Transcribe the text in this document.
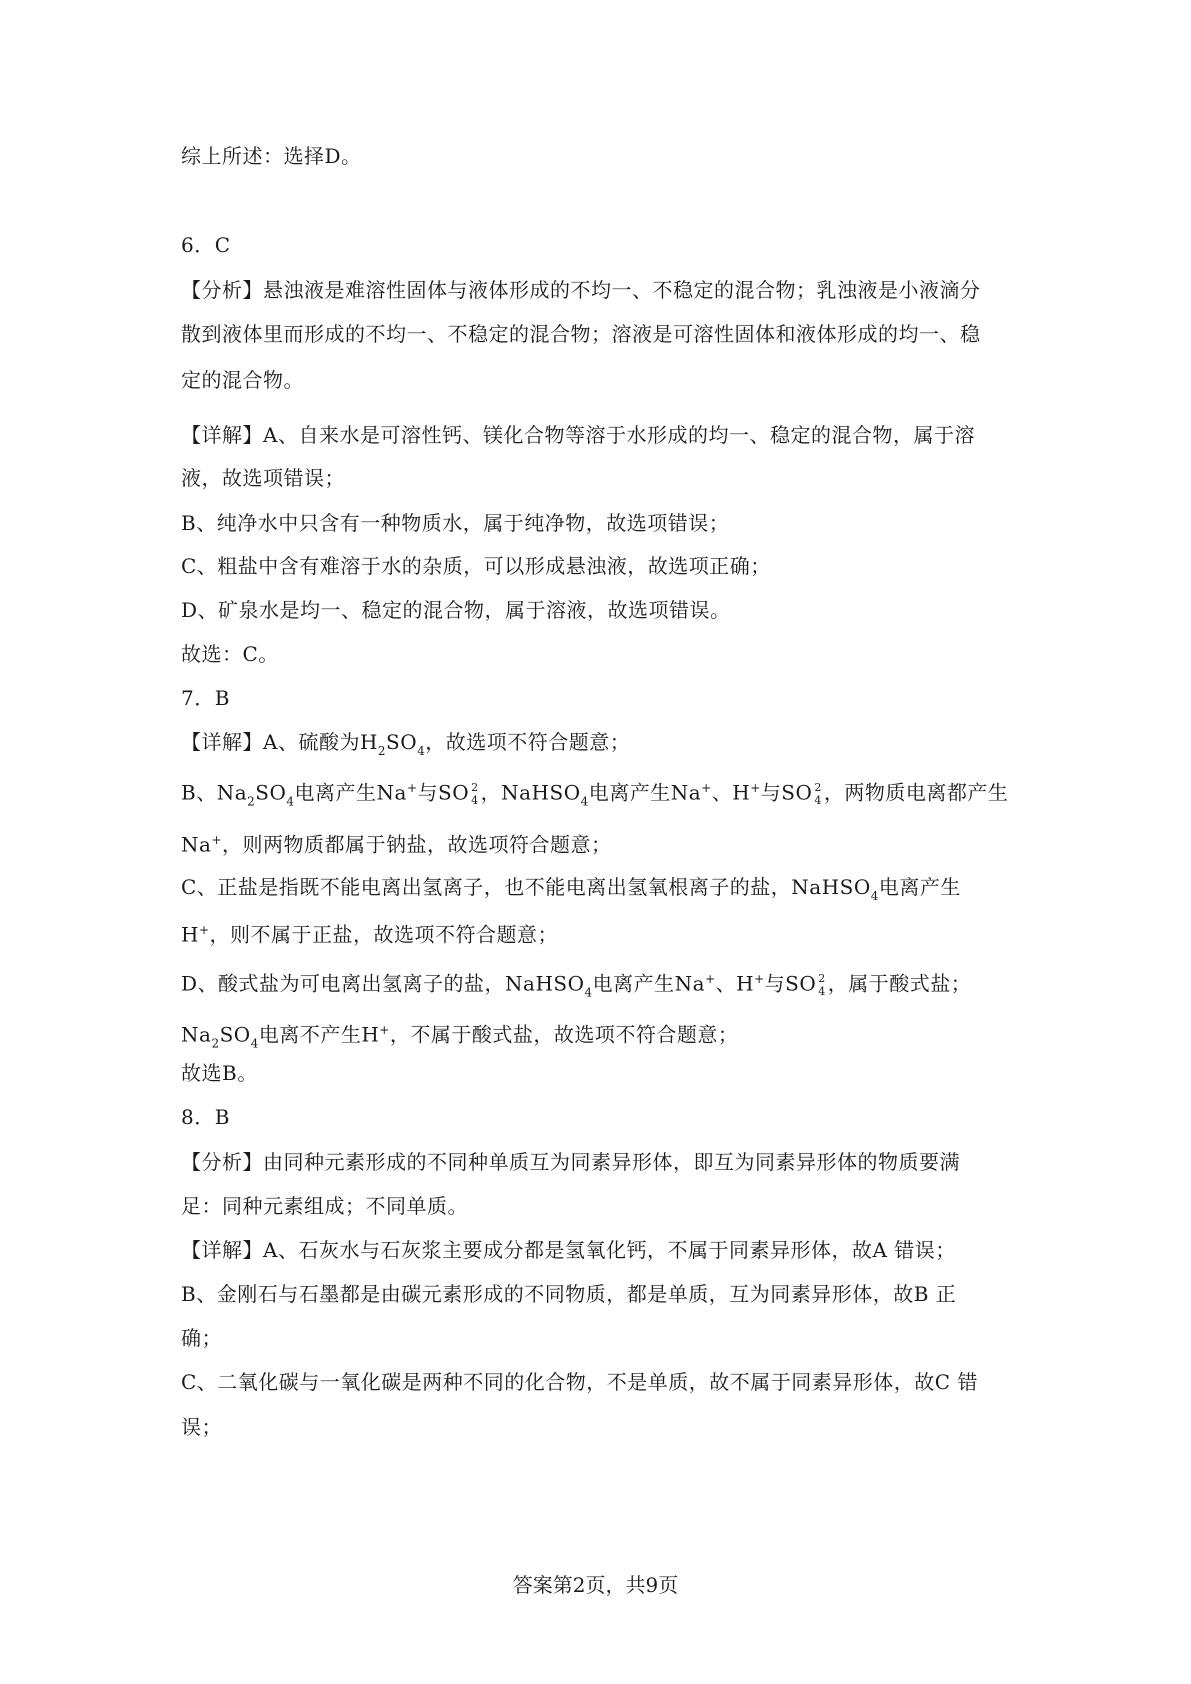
综上所述：选择D。
6．C
【分析】悬浊液是难溶性固体与液体形成的不均一、不稳定的混合物；乳浊液是小液滴分
散到液体里而形成的不均一、不稳定的混合物；溶液是可溶性固体和液体形成的均一、稳
定的混合物。
【详解】A、自来水是可溶性钙、镁化合物等溶于水形成的均一、稳定的混合物，属于溶
液，故选项错误；
B、纯净水中只含有一种物质水，属于纯净物，故选项错误；
C、粗盐中含有难溶于水的杂质，可以形成悬浊液，故选项正确；
D、矿泉水是均一、稳定的混合物，属于溶液，故选项错误。
故选：C。
7．B
【详解】A、硫酸为$H_2SO_4$，故选项不符合题意；
B、$Na_2SO_4$电离产生Na+与SO 2
4 ，NaHSO$_4$电离产生Na+、H+与SO 2
4 ，两物质电离都产生
Na+，则两物质都属于钠盐，故选项符合题意；
C、正盐是指既不能电离出氢离子，也不能电离出氢氧根离子的盐，NaHSO$_4$电离产生
H+，则不属于正盐，故选项不符合题意；
D、酸式盐为可电离出氢离子的盐，NaHSO$_4$电离产生Na+、H+与SO 2
4 ，属于酸式盐；
$Na_2SO_4$电离不产生H+，不属于酸式盐，故选项不符合题意；
故选B。
8．B
【分析】由同种元素形成的不同种单质互为同素异形体，即互为同素异形体的物质要满
足：同种元素组成；不同单质。
【详解】A、石灰水与石灰浆主要成分都是氢氧化钙，不属于同素异形体，故A 错误；
B、金刚石与石墨都是由碳元素形成的不同物质，都是单质，互为同素异形体，故B 正
确；
C、二氧化碳与一氧化碳是两种不同的化合物，不是单质，故不属于同素异形体，故C 错
误；
答案第2页，共9页
